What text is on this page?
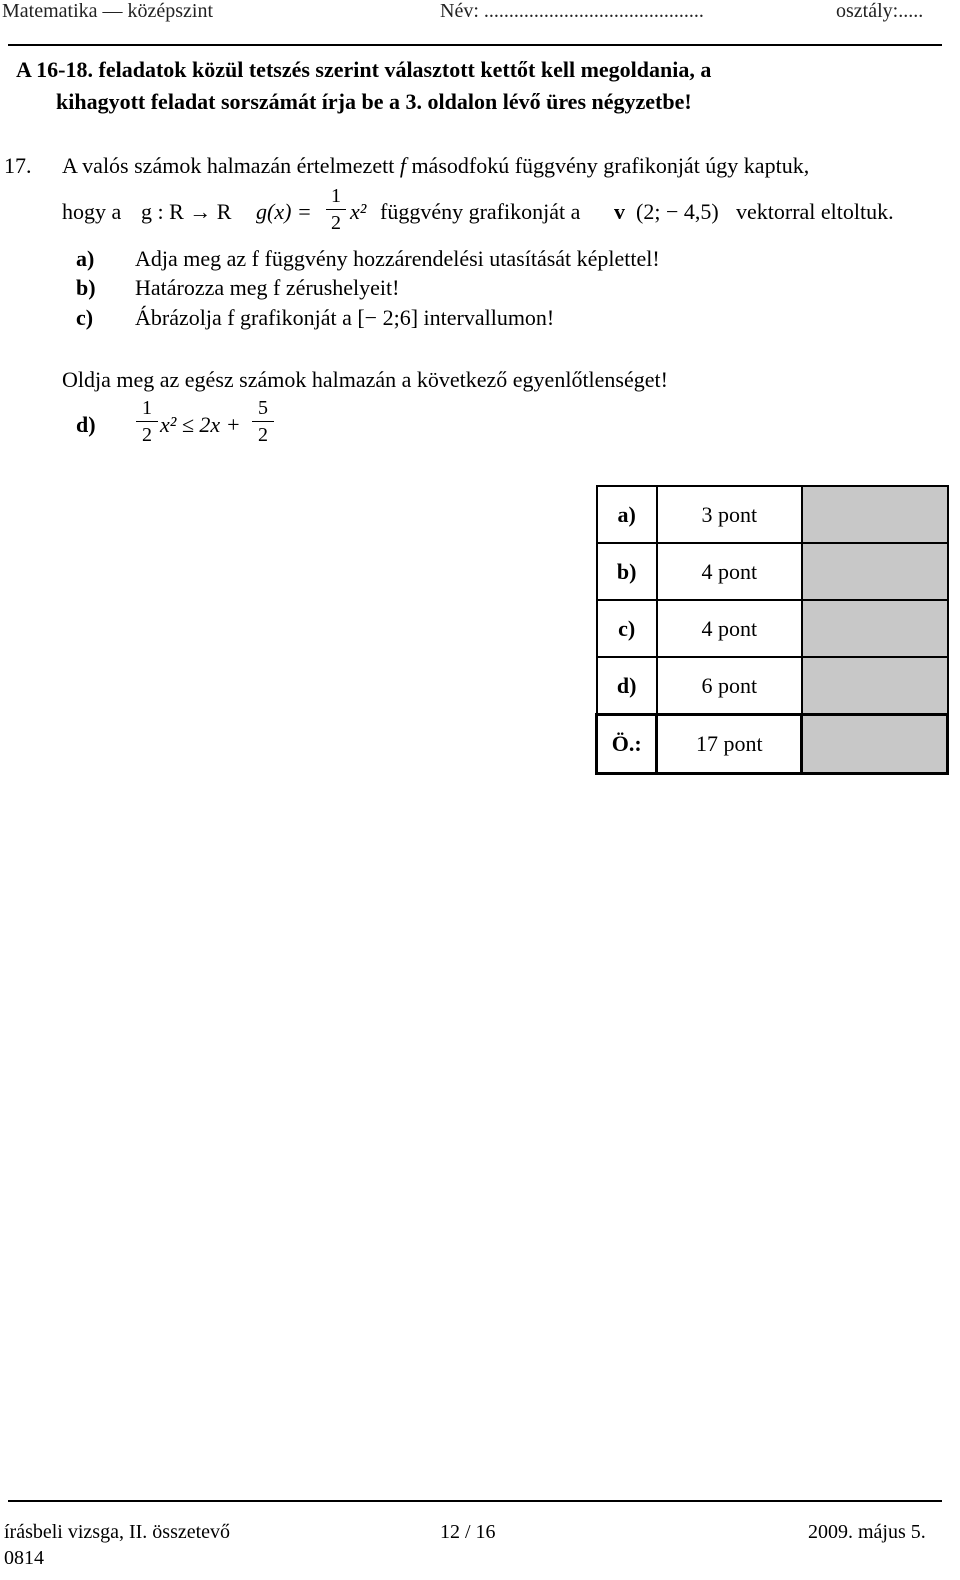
Matematika — középszint	Név: ............................................	osztály:.....
A 16-18. feladatok közül tetszés szerint választott kettőt kell megoldania, a
kihagyott feladat sorszámát írja be a 3. oldalon lévő üres négyzetbe!
17. A valós számok halmazán értelmezett f másodfokú függvény grafikonját úgy kaptuk,
hogy a g : R → R g(x) =
1
2 x² függvény grafikonját a v (2; − 4,5) vektorral eltoltuk.
a) Adja meg az f függvény hozzárendelési utasítását képlettel!
b) Határozza meg f zérushelyeit!
c) Ábrázolja f grafikonját a [− 2;6] intervallumon!
Oldja meg az egész számok halmazán a következő egyenlőtlenséget!
d)
1
2 x² ≤ 2x +
5
2
a)	3 pont	
b)	4 pont	
c)	4 pont	
d)	6 pont	
Ö.:	17 pont	
írásbeli vizsga, II. összetevő
0814
12 / 16	2009. május 5.
